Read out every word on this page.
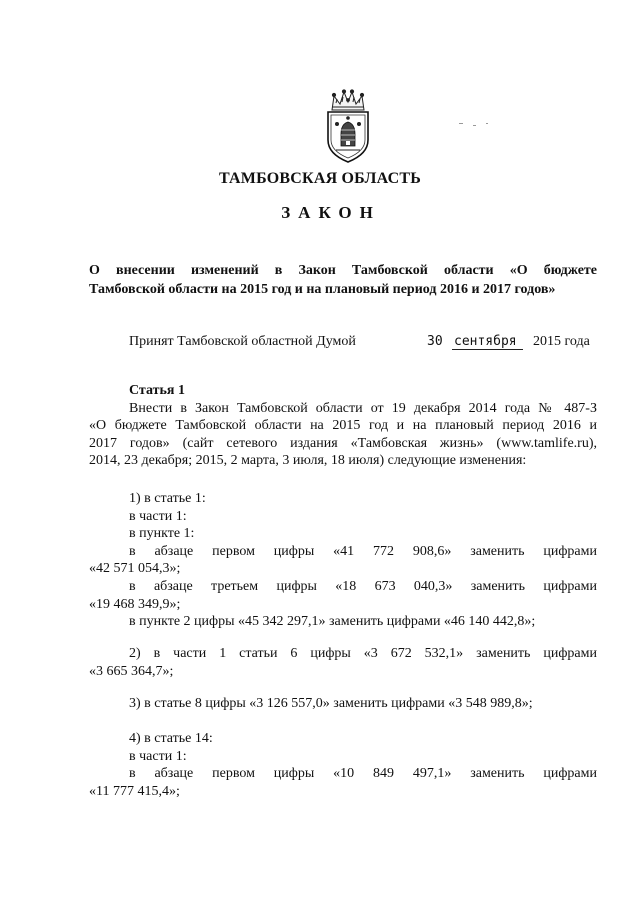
ТАМБОВСКАЯ ОБЛАСТЬ
ЗАКОН
О внесении изменений в Закон Тамбовской области «О бюджете
Тамбовской области на 2015 год и на плановый период 2016 и 2017 годов»
Принят Тамбовской областной Думой	30 сентября	2015 года
Статья 1
Внести в Закон Тамбовской области от 19 декабря 2014 года № 487-З
«О бюджете Тамбовской области на 2015 год и на плановый период 2016 и
2017 годов» (сайт сетевого издания «Тамбовская жизнь» (www.tamlife.ru),
2014, 23 декабря; 2015, 2 марта, 3 июля, 18 июля) следующие изменения:
1) в статье 1:
в части 1:
в пункте 1:
в абзаце первом цифры «41 772 908,6» заменить цифрами
«42 571 054,3»;
в абзаце третьем цифры «18 673 040,3» заменить цифрами
«19 468 349,9»;
в пункте 2 цифры «45 342 297,1» заменить цифрами «46 140 442,8»;
2) в части 1 статьи 6 цифры «3 672 532,1» заменить цифрами
«3 665 364,7»;
3) в статье 8 цифры «3 126 557,0» заменить цифрами «3 548 989,8»;
4) в статье 14:
в части 1:
в абзаце первом цифры «10 849 497,1» заменить цифрами
«11 777 415,4»;
